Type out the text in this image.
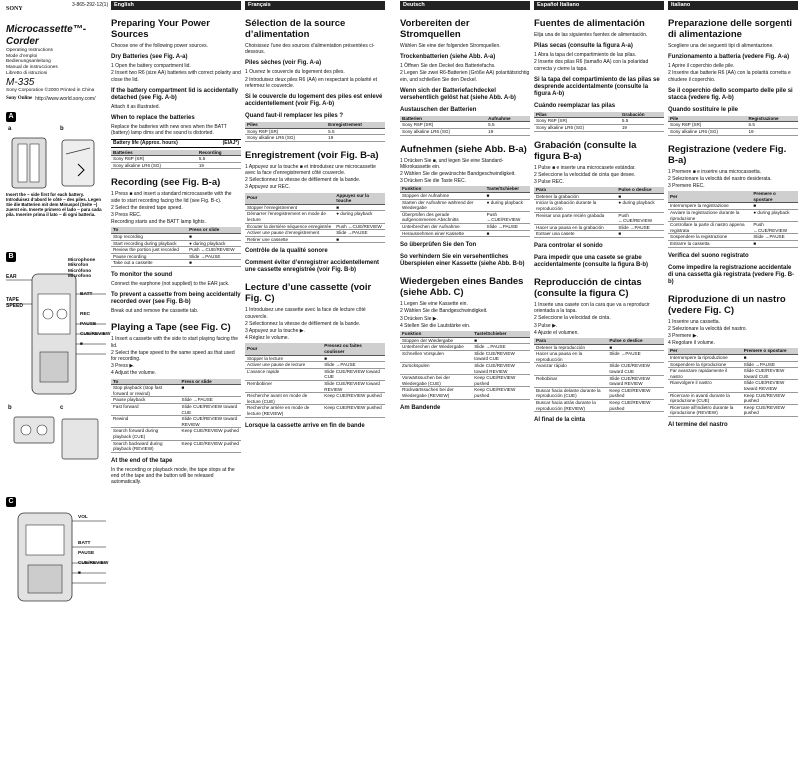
3-865-292-12(1)
SONY
Microcassette™-Corder
Operating Instructions
Mode d’emploi
Bedienungsanleitung
Manual de instrucciones
Libretto di istruzioni
M-335
Sony Corporation ©2000 Printed in China
Sony Online http://www.world.sony.com/
A
a	b
Insert the − side first for each battery. Introduisez d’abord le côté − des piles. Legen Sie die Batterien mit dem Minuspol (Seite −) zuerst ein. Inserte primero el lado − para cada pila. Inserire prima il lato − di ogni batteria.
B
EAR
TAPE SPEED
Microphone
Mikrofon
Micrófono
Microfono
BATT
REC
PAUSE
CUE/REVIEW
■
b	c
C
VOL
BATT
PAUSE
CUE/REVIEW
■
English
Preparing Your Power Sources
Choose one of the following power sources.
Dry Batteries (see Fig. A-a)
1 Open the battery compartment lid.
2 Insert two R6 (size AA) batteries with correct polarity and close the lid.
If the battery compartment lid is accidentally detached (see Fig. A-b)
Attach it as illustrated.
When to replace the batteries
Replace the batteries with new ones when the BATT (battery) lamp dims and the sound is distorted.
Battery life (Approx. hours)	(EIAJ*)
Batteries	Recording
Sony R6P (SR)	5.5
Sony alkaline LR6 (SG)	19
Recording (see Fig. B-a)
1 Press ■ and insert a standard microcassette with the side to start recording facing the lid (see Fig. B-c).
2 Select the desired tape speed.
3 Press REC.
Recording starts and the BATT lamp lights.
To	Press or slide
Stop recording	■
Start recording during playback	● during playback
Review the portion just recorded	Push ←CUE/REVIEW
Pause recording	Slide →PAUSE
Take out a cassette	■
To monitor the sound
Connect the earphone (not supplied) to the EAR jack.
To prevent a cassette from being accidentally recorded over (see Fig. B-b)
Break out and remove the cassette tab.
Playing a Tape (see Fig. C)
1 Insert a cassette with the side to start playing facing the lid.
2 Select the tape speed to the same speed as that used for recording.
3 Press ▶.
4 Adjust the volume.
To	Press or slide
Stop playback (stop fast forward or rewind)	■
Pause playback	Slide →PAUSE
Fast forward	Slide CUE/REVIEW toward CUE
Rewind	Slide CUE/REVIEW toward REVIEW
Search forward during playback (CUE)	Keep CUE/REVIEW pushed
Search backward during playback (REVIEW)	Keep CUE/REVIEW pushed
At the end of the tape
In the recording or playback mode, the tape stops at the end of the tape and the button will be released automatically.
Français
Sélection de la source d’alimentation
Choisissez l’une des sources d’alimentation présentées ci-dessous.
Piles sèches (voir Fig. A-a)
1 Ouvrez le couvercle du logement des piles.
2 Introduisez deux piles R6 (AA) en respectant la polarité et refermez le couvercle.
Si le couvercle du logement des piles est enlevé accidentellement (voir Fig. A-b)
Quand faut-il remplacer les piles ?
Piles	Enregistrement
Sony R6P (SR)	5.5
Sony alkaline LR6 (SG)	19
Enregistrement (voir Fig. B-a)
1 Appuyez sur la touche ■ et introduisez une microcassette avec la face d’enregistrement côté couvercle.
2 Sélectionnez la vitesse de défilement de la bande.
3 Appuyez sur REC.
Pour	Appuyez sur la touche
Stopper l’enregistrement	■
Démarrer l’enregistrement en mode de lecture	● during playback
Écouter la dernière séquence enregistrée	Push ←CUE/REVIEW
Activer une pause d’enregistrement	Slide →PAUSE
Retirer une cassette	■
Contrôle de la qualité sonore
Comment éviter d’enregistrer accidentellement une cassette enregistrée (voir Fig. B-b)
Lecture d’une cassette (voir Fig. C)
1 Introduisez une cassette avec la face de lecture côté couvercle.
2 Sélectionnez la vitesse de défilement de la bande.
3 Appuyez sur la touche ▶.
4 Réglez le volume.
Pour	Pressez ou faites coulisser
Stopper la lecture	■
Activer une pause de lecture	Slide →PAUSE
L’avance rapide	Slide CUE/REVIEW toward CUE
Rembobiner	Slide CUE/REVIEW toward REVIEW
Recherche avant en mode de lecture (CUE)	Keep CUE/REVIEW pushed
Recherche arrière en mode de lecture (REVIEW)	Keep CUE/REVIEW pushed
Lorsque la cassette arrive en fin de bande
Deutsch
Vorbereiten der Stromquellen
Wählen Sie eine der folgenden Stromquellen.
Trockenbatterien (siehe Abb. A-a)
1 Öffnen Sie den Deckel des Batteriefachs.
2 Legen Sie zwei R6-Batterien (Größe AA) polaritätsrichtig ein, und schließen Sie den Deckel.
Wenn sich der Batteriefachdeckel versehentlich gelöst hat (siehe Abb. A-b)
Austauschen der Batterien
Batterien	Aufnahme
Sony R6P (SR)	5.5
Sony alkaline LR6 (SG)	19
Aufnehmen (siehe Abb. B-a)
1 Drücken Sie ■, und legen Sie eine Standard-Mikrokassette ein.
2 Wählen Sie die gewünschte Bandgeschwindigkeit.
3 Drücken Sie die Taste REC.
Funktion	Taste/Schieber
Stoppen der Aufnahme	■
Starten der Aufnahme während der Wiedergabe	● during playback
Überprüfen des gerade aufgenommenen Abschnitts	Push ←CUE/REVIEW
Unterbrechen der Aufnahme	Slide →PAUSE
Herausnehmen einer Kassette	■
So überprüfen Sie den Ton
So verhindern Sie ein versehentliches Überspielen einer Kassette (siehe Abb. B-b)
Wiedergeben eines Bandes (siehe Abb. C)
1 Legen Sie eine Kassette ein.
2 Wählen Sie die Bandgeschwindigkeit.
3 Drücken Sie ▶.
4 Stellen Sie die Lautstärke ein.
Funktion	Taste/Schieber
Stoppen der Wiedergabe	■
Unterbrechen der Wiedergabe	Slide →PAUSE
Schnellen Vorspulen	Slide CUE/REVIEW toward CUE
Zurückspulen	Slide CUE/REVIEW toward REVIEW
Vorwärtssuchen bei der Wiedergabe (CUE)	Keep CUE/REVIEW pushed
Rückwärtssuchen bei der Wiedergabe (REVIEW)	Keep CUE/REVIEW pushed
Am Bandende
Español Italiano
Fuentes de alimentación
Elija una de las siguientes fuentes de alimentación.
Pilas secas (consulte la figura A-a)
1 Abra la tapa del compartimiento de las pilas.
2 Inserte dos pilas R6 (tamaño AA) con la polaridad correcta y cierre la tapa.
Si la tapa del compartimiento de las pilas se desprende accidentalmente (consulte la figura A-b)
Cuándo reemplazar las pilas
Pilas	Grabación
Sony R6P (SR)	5.5
Sony alkaline LR6 (SG)	19
Grabación (consulte la figura B-a)
1 Pulse ■ e inserte una microcasete estándar.
2 Seleccione la velocidad de cinta que desee.
3 Pulse REC.
Para	Pulse o deslice
Detener la grabación	■
Iniciar la grabación durante la reproducción	● during playback
Revisar una parte recién grabada	Push ←CUE/REVIEW
Hacer una pausa en la grabación	Slide →PAUSE
Extraer una casete	■
Para controlar el sonido
Para impedir que una casete se grabe accidentalmente (consulte la figura B-b)
Reproducción de cintas (consulte la figura C)
1 Inserte una casete con la cara que va a reproducir orientada a la tapa.
2 Seleccione la velocidad de cinta.
3 Pulse ▶.
4 Ajuste el volumen.
Para	Pulse o deslice
Detener la reproducción	■
Hacer una pausa en la reproducción	Slide →PAUSE
Avanzar rápido	Slide CUE/REVIEW toward CUE
Rebobinar	Slide CUE/REVIEW toward REVIEW
Buscar hacia delante durante la reproducción (CUE)	Keep CUE/REVIEW pushed
Buscar hacia atrás durante la reproducción (REVIEW)	Keep CUE/REVIEW pushed
Al final de la cinta
Italiano
Preparazione delle sorgenti di alimentazione
Scegliere una dei seguenti tipi di alimentazione.
Funzionamento a batteria (vedere Fig. A-a)
1 Aprire il coperchio delle pile.
2 Inserire due batterie R6 (AA) con la polarità corretta e chiudere il coperchio.
Se il coperchio dello scomparto delle pile si stacca (vedere fig. A-b)
Quando sostituire le pile
Pile	Registrazione
Sony R6P (SR)	5.5
Sony alkaline LR6 (SG)	19
Registrazione (vedere Fig. B-a)
1 Premere ■ e inserire una microcassetta.
2 Selezionare la velocità del nastro desiderata.
3 Premere REC.
Per	Premere o spostare
Interrompere la registrazione	■
Avviare la registrazione durante la riproduzione	● during playback
Controllare la parte di nastro appena registrata	Push ←CUE/REVIEW
Sospendere la registrazione	Slide →PAUSE
Estrarre la cassetta	■
Verifica del suono registrato
Come impedire la registrazione accidentale di una cassetta già registrata (vedere Fig. B-b)
Riproduzione di un nastro (vedere Fig. C)
1 Inserire una cassetta.
2 Selezionare la velocità del nastro.
3 Premere ▶.
4 Regolare il volume.
Per	Premere o spostare
Interrompere la riproduzione	■
Sospendere la riproduzione	Slide →PAUSE
Far avanzare rapidamente il nastro	Slide CUE/REVIEW toward CUE
Riavvolgere il nastro	Slide CUE/REVIEW toward REVIEW
Ricercare in avanti durante la riproduzione (CUE)	Keep CUE/REVIEW pushed
Ricercare all’indietro durante la riproduzione (REVIEW)	Keep CUE/REVIEW pushed
Al termine del nastro
